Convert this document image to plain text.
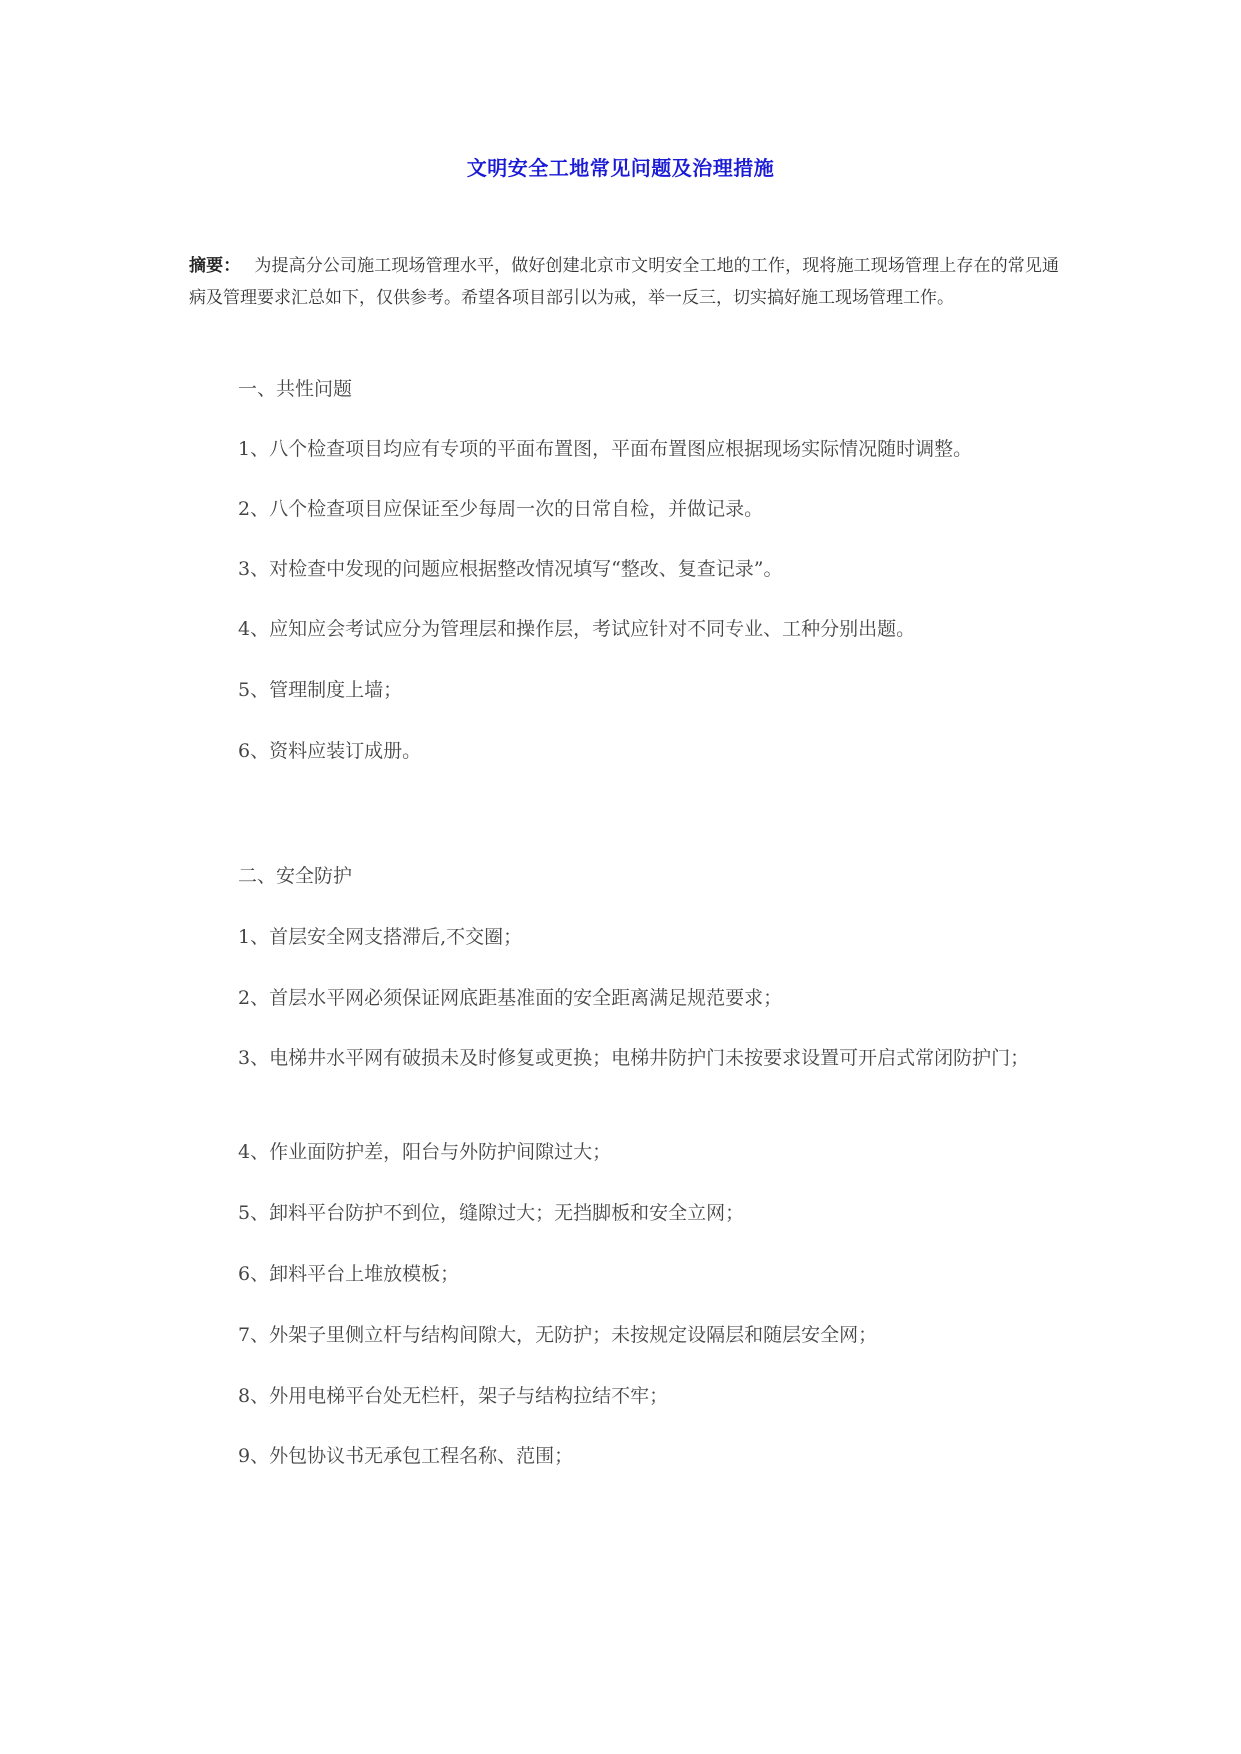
文明安全工地常见问题及治理措施
摘要： 为提高分公司施工现场管理水平，做好创建北京市文明安全工地的工作，现将施工现场管理上存在的常见通病及管理要求汇总如下，仅供参考。希望各项目部引以为戒，举一反三，切实搞好施工现场管理工作。
一、共性问题
1、八个检查项目均应有专项的平面布置图，平面布置图应根据现场实际情况随时调整。
2、八个检查项目应保证至少每周一次的日常自检，并做记录。
3、对检查中发现的问题应根据整改情况填写“整改、复查记录”。
4、应知应会考试应分为管理层和操作层，考试应针对不同专业、工种分别出题。
5、管理制度上墙；
6、资料应装订成册。
二、安全防护
1、首层安全网支搭滞后,不交圈；
2、首层水平网必须保证网底距基准面的安全距离满足规范要求；
3、电梯井水平网有破损未及时修复或更换；电梯井防护门未按要求设置可开启式常闭防护门；
4、作业面防护差，阳台与外防护间隙过大；
5、卸料平台防护不到位，缝隙过大；无挡脚板和安全立网；
6、卸料平台上堆放模板；
7、外架子里侧立杆与结构间隙大，无防护；未按规定设隔层和随层安全网；
8、外用电梯平台处无栏杆，架子与结构拉结不牢；
9、外包协议书无承包工程名称、范围；
